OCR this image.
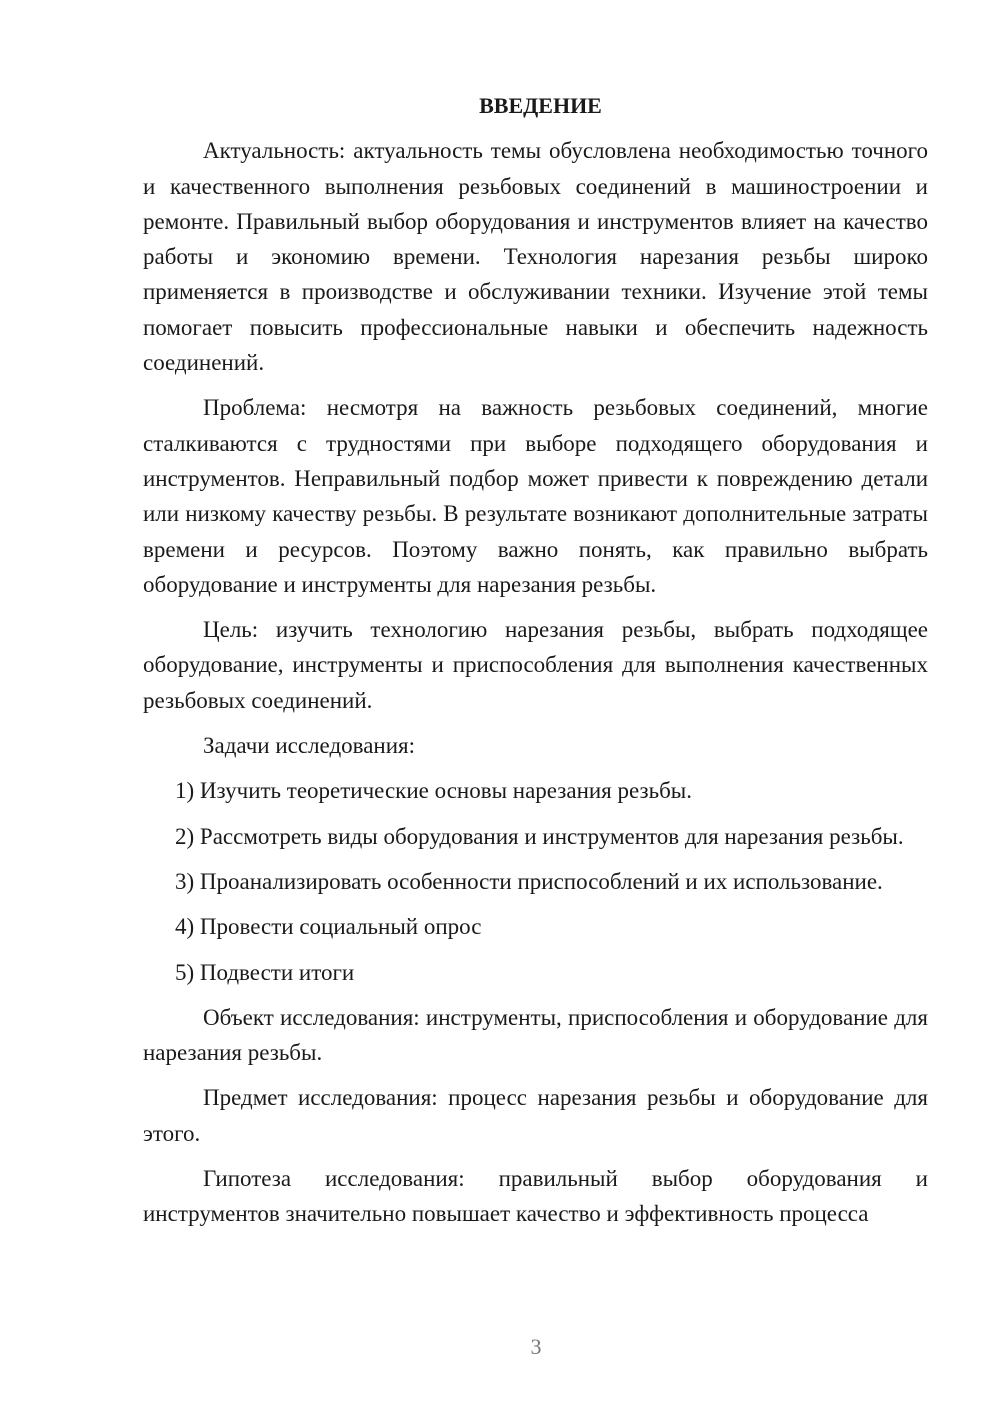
ВВЕДЕНИЕ

Актуальность: актуальность темы обусловлена необходимостью точного и качественного выполнения резьбовых соединений в машиностроении и ремонте. Правильный выбор оборудования и инструментов влияет на качество работы и экономию времени. Технология нарезания резьбы широко применяется в производстве и обслуживании техники. Изучение этой темы помогает повысить профессиональные навыки и обеспечить надежность соединений.

Проблема: несмотря на важность резьбовых соединений, многие сталкиваются с трудностями при выборе подходящего оборудования и инструментов. Неправильный подбор может привести к повреждению детали или низкому качеству резьбы. В результате возникают дополнительные затраты времени и ресурсов. Поэтому важно понять, как правильно выбрать оборудование и инструменты для нарезания резьбы.

Цель: изучить технологию нарезания резьбы, выбрать подходящее оборудование, инструменты и приспособления для выполнения качественных резьбовых соединений.

Задачи исследования:

1) Изучить теоретические основы нарезания резьбы.

2) Рассмотреть виды оборудования и инструментов для нарезания резьбы.

3) Проанализировать особенности приспособлений и их использование.

4) Провести социальный опрос

5) Подвести итоги

Объект исследования: инструменты, приспособления и оборудование для нарезания резьбы.

Предмет исследования: процесс нарезания резьбы и оборудование для этого.

Гипотеза исследования: правильный выбор оборудования и инструментов значительно повышает качество и эффективность процесса

3
